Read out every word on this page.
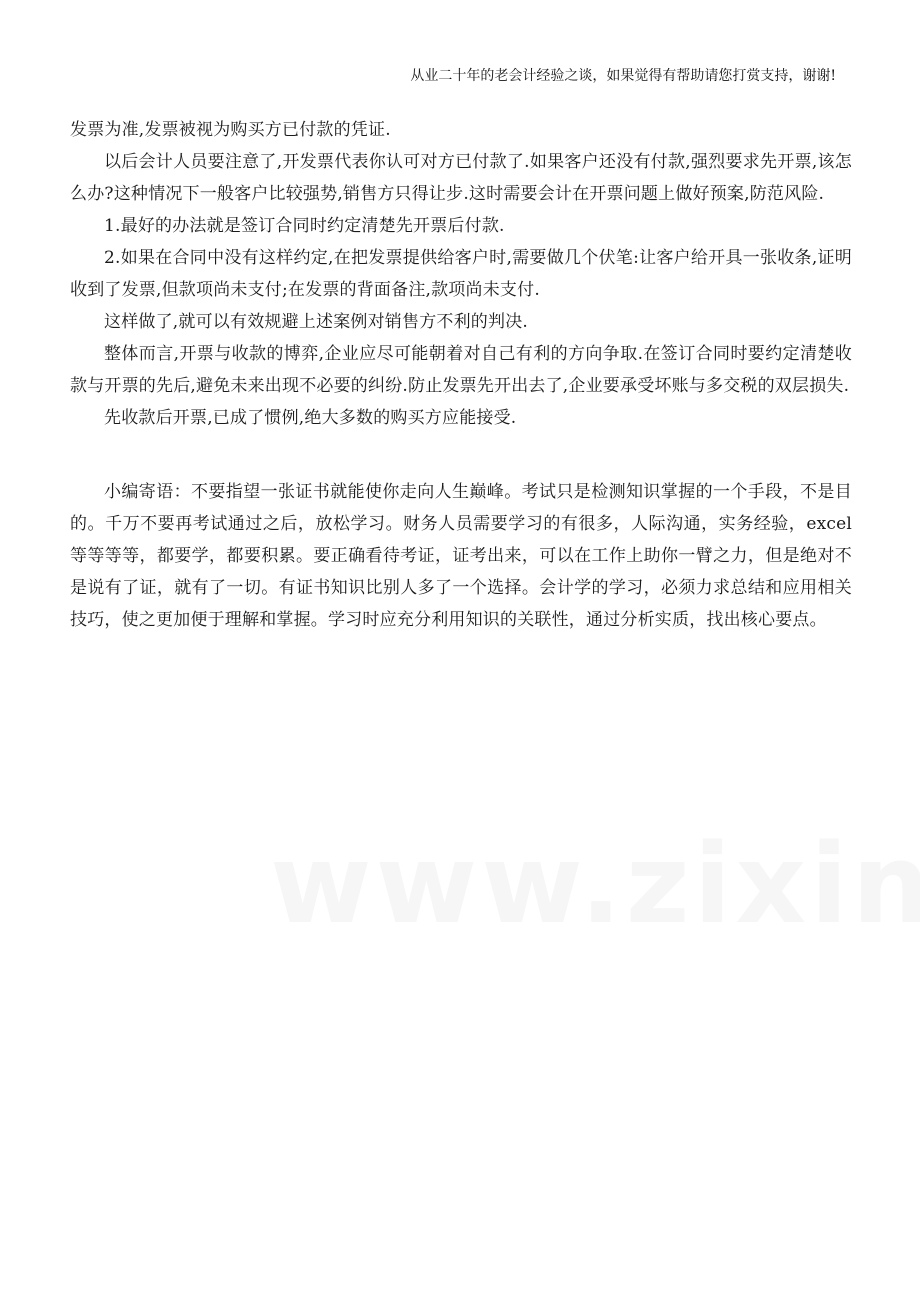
从业二十年的老会计经验之谈，如果觉得有帮助请您打赏支持，谢谢!

发票为准,发票被视为购买方已付款的凭证.

以后会计人员要注意了,开发票代表你认可对方已付款了.如果客户还没有付款,强烈要求先开票,该怎么办?这种情况下一般客户比较强势,销售方只得让步.这时需要会计在开票问题上做好预案,防范风险.

1.最好的办法就是签订合同时约定清楚先开票后付款.

2.如果在合同中没有这样约定,在把发票提供给客户时,需要做几个伏笔:让客户给开具一张收条,证明收到了发票,但款项尚未支付;在发票的背面备注,款项尚未支付.

这样做了,就可以有效规避上述案例对销售方不利的判决.

整体而言,开票与收款的博弈,企业应尽可能朝着对自己有利的方向争取.在签订合同时要约定清楚收款与开票的先后,避免未来出现不必要的纠纷.防止发票先开出去了,企业要承受坏账与多交税的双层损失.

先收款后开票,已成了惯例,绝大多数的购买方应能接受.

小编寄语：不要指望一张证书就能使你走向人生巅峰。考试只是检测知识掌握的一个手段，不是目的。千万不要再考试通过之后，放松学习。财务人员需要学习的有很多，人际沟通，实务经验，excel等等等等，都要学，都要积累。要正确看待考证，证考出来，可以在工作上助你一臂之力，但是绝对不是说有了证，就有了一切。有证书知识比别人多了一个选择。会计学的学习，必须力求总结和应用相关技巧，使之更加便于理解和掌握。学习时应充分利用知识的关联性，通过分析实质，找出核心要点。
